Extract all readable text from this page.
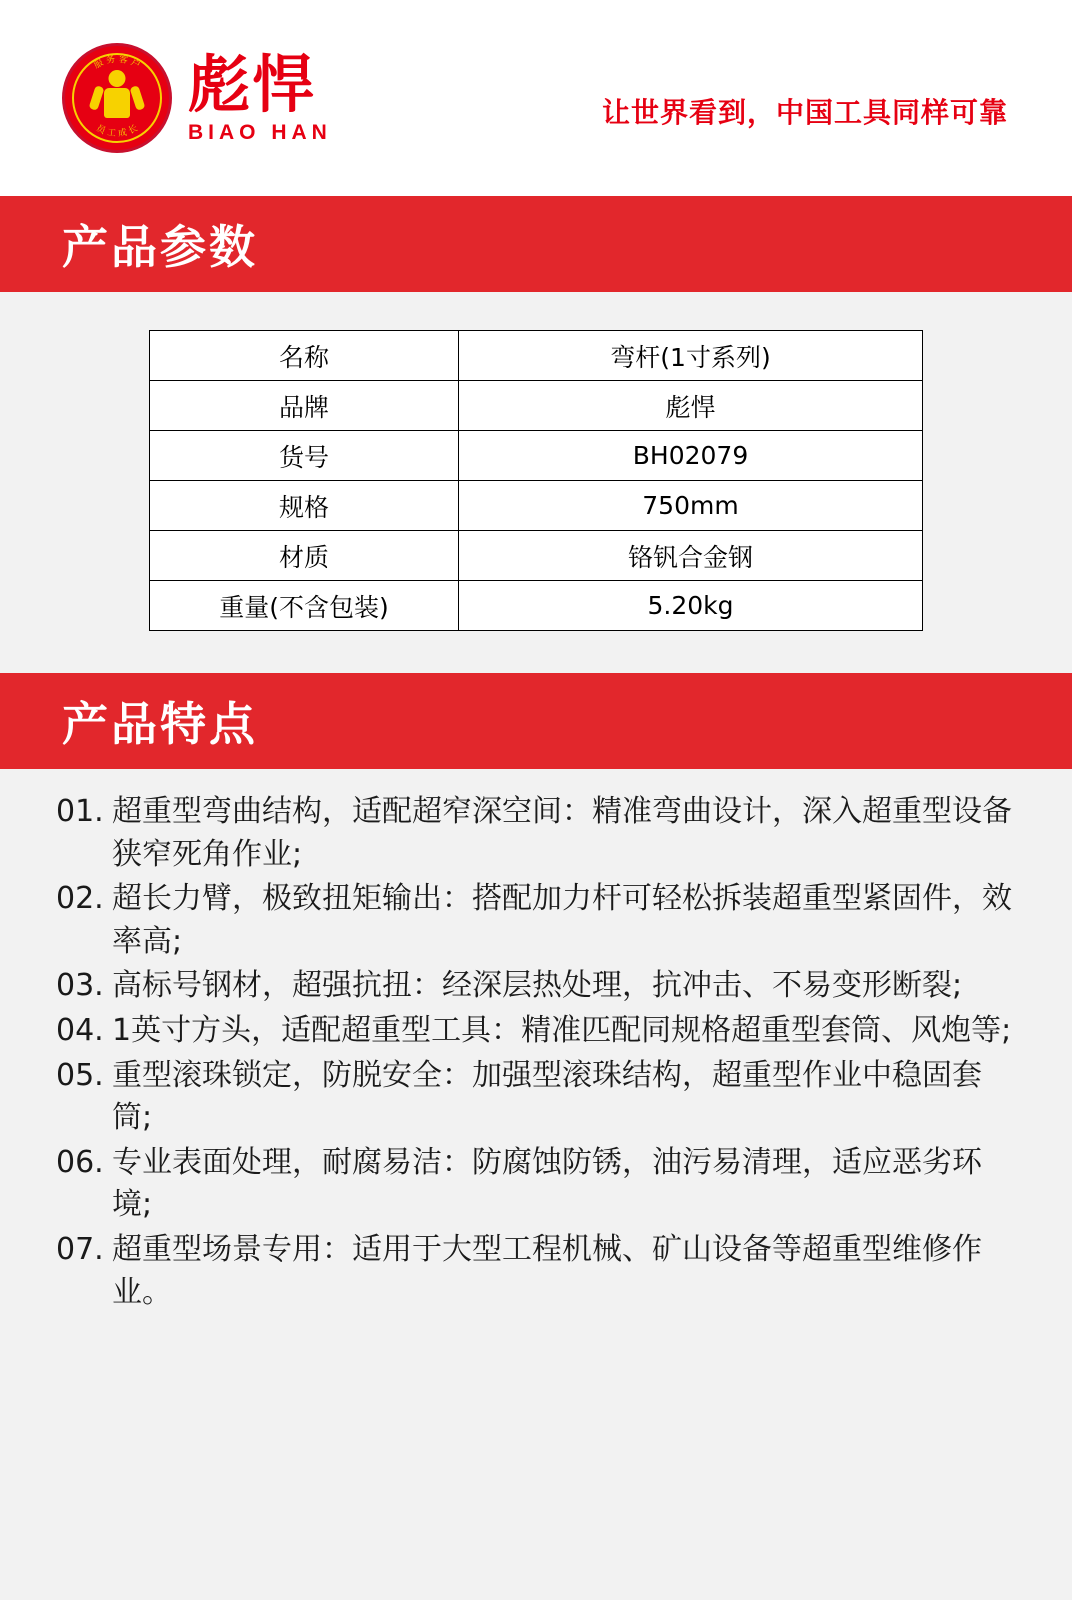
服 务 客 户
员 工 成 长
彪悍
BIAO HAN
让世界看到，中国工具同样可靠
产品参数
名称	弯杆(1寸系列)
品牌	彪悍
货号	BH02079
规格	750mm
材质	铬钒合金钢
重量(不含包装)	5.20kg
产品特点
01. 超重型弯曲结构，适配超窄深空间：精准弯曲设计，深入超重型设备狭窄死角作业;
02. 超长力臂，极致扭矩输出：搭配加力杆可轻松拆装超重型紧固件，效率高;
03. 高标号钢材，超强抗扭：经深层热处理，抗冲击、不易变形断裂;
04. 1英寸方头，适配超重型工具：精准匹配同规格超重型套筒、风炮等;
05. 重型滚珠锁定，防脱安全：加强型滚珠结构，超重型作业中稳固套筒;
06. 专业表面处理，耐腐易洁：防腐蚀防锈，油污易清理，适应恶劣环境;
07. 超重型场景专用：适用于大型工程机械、矿山设备等超重型维修作业。
